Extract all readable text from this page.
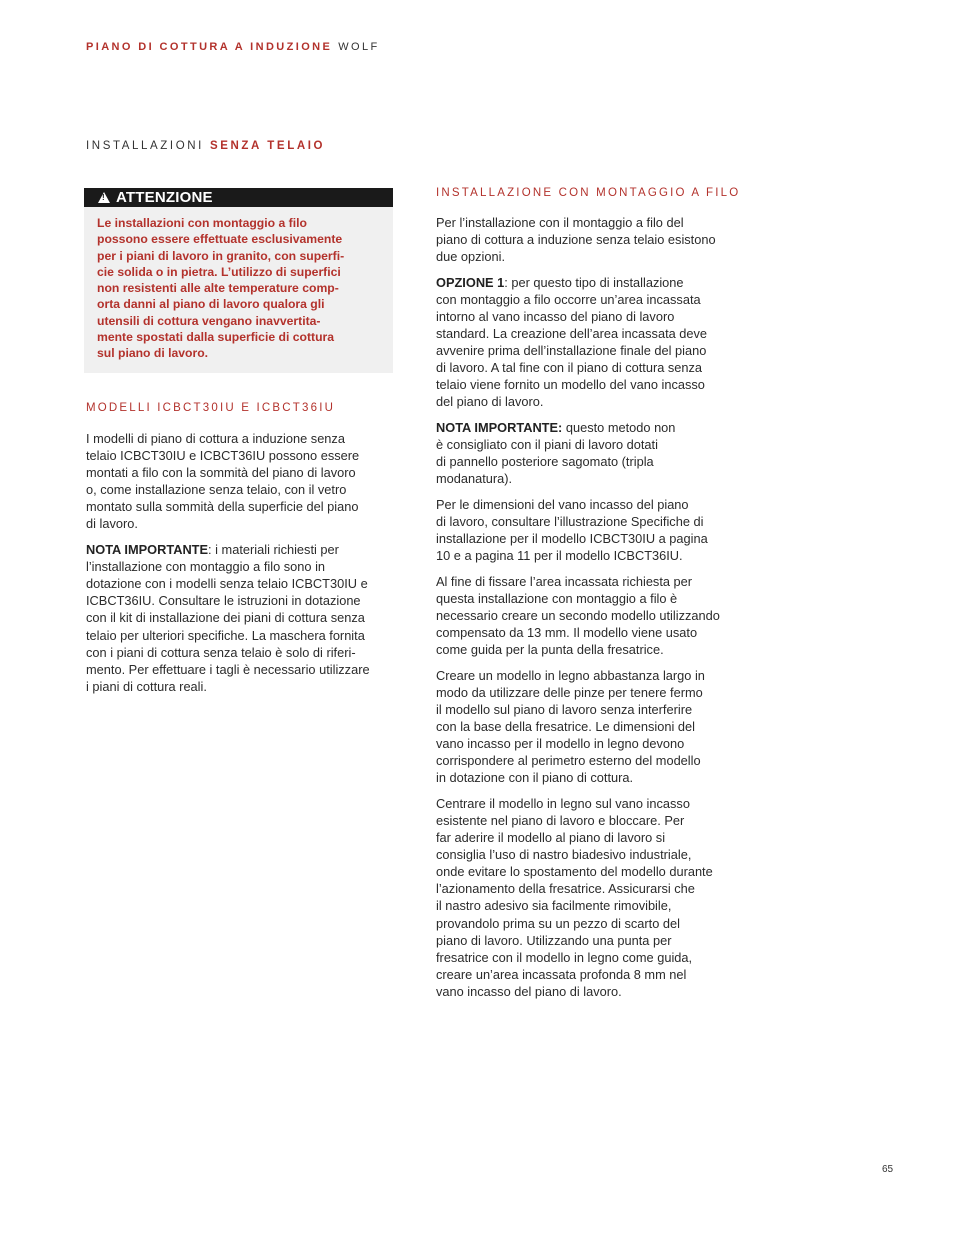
PIANO DI COTTURA A INDUZIONE WOLF
INSTALLAZIONI SENZA TELAIO
!
ATTENZIONE

Le installazioni con montaggio a filo
possono essere effettuate esclusivamente
per i piani di lavoro in granito, con superfi-
cie solida o in pietra. L’utilizzo di superfici
non resistenti alle alte temperature comp-
orta danni al piano di lavoro qualora gli
utensili di cottura vengano inavvertita-
mente spostati dalla superficie di cottura
sul piano di lavoro.

MODELLI ICBCT30IU E ICBCT36IU

I modelli di piano di cottura a induzione senza
telaio ICBCT30IU e ICBCT36IU possono essere
montati a filo con la sommità del piano di lavoro
o, come installazione senza telaio, con il vetro
montato sulla sommità della superficie del piano
di lavoro.

NOTA IMPORTANTE: i materiali richiesti per
l’installazione con montaggio a filo sono in
dotazione con i modelli senza telaio ICBCT30IU e
ICBCT36IU. Consultare le istruzioni in dotazione
con il kit di installazione dei piani di cottura senza
telaio per ulteriori specifiche. La maschera fornita
con i piani di cottura senza telaio è solo di riferi-
mento. Per effettuare i tagli è necessario utilizzare
i piani di cottura reali.

INSTALLAZIONE CON MONTAGGIO A FILO

Per l’installazione con il montaggio a filo del
piano di cottura a induzione senza telaio esistono
due opzioni.

OPZIONE 1: per questo tipo di installazione
con montaggio a filo occorre un’area incassata
intorno al vano incasso del piano di lavoro
standard. La creazione dell’area incassata deve
avvenire prima dell’installazione finale del piano
di lavoro. A tal fine con il piano di cottura senza
telaio viene fornito un modello del vano incasso
del piano di lavoro.

NOTA IMPORTANTE: questo metodo non
è consigliato con il piani di lavoro dotati
di pannello posteriore sagomato (tripla
modanatura).

Per le dimensioni del vano incasso del piano
di lavoro, consultare l’illustrazione Specifiche di
installazione per il modello ICBCT30IU a pagina
10 e a pagina 11 per il modello ICBCT36IU.

Al fine di fissare l’area incassata richiesta per
questa installazione con montaggio a filo è
necessario creare un secondo modello utilizzando
compensato da 13 mm. Il modello viene usato
come guida per la punta della fresatrice.

Creare un modello in legno abbastanza largo in
modo da utilizzare delle pinze per tenere fermo
il modello sul piano di lavoro senza interferire
con la base della fresatrice. Le dimensioni del
vano incasso per il modello in legno devono
corrispondere al perimetro esterno del modello
in dotazione con il piano di cottura.

Centrare il modello in legno sul vano incasso
esistente nel piano di lavoro e bloccare. Per
far aderire il modello al piano di lavoro si
consiglia l’uso di nastro biadesivo industriale,
onde evitare lo spostamento del modello durante
l’azionamento della fresatrice. Assicurarsi che
il nastro adesivo sia facilmente rimovibile,
provandolo prima su un pezzo di scarto del
piano di lavoro. Utilizzando una punta per
fresatrice con il modello in legno come guida,
creare un’area incassata profonda 8 mm nel
vano incasso del piano di lavoro.

65
